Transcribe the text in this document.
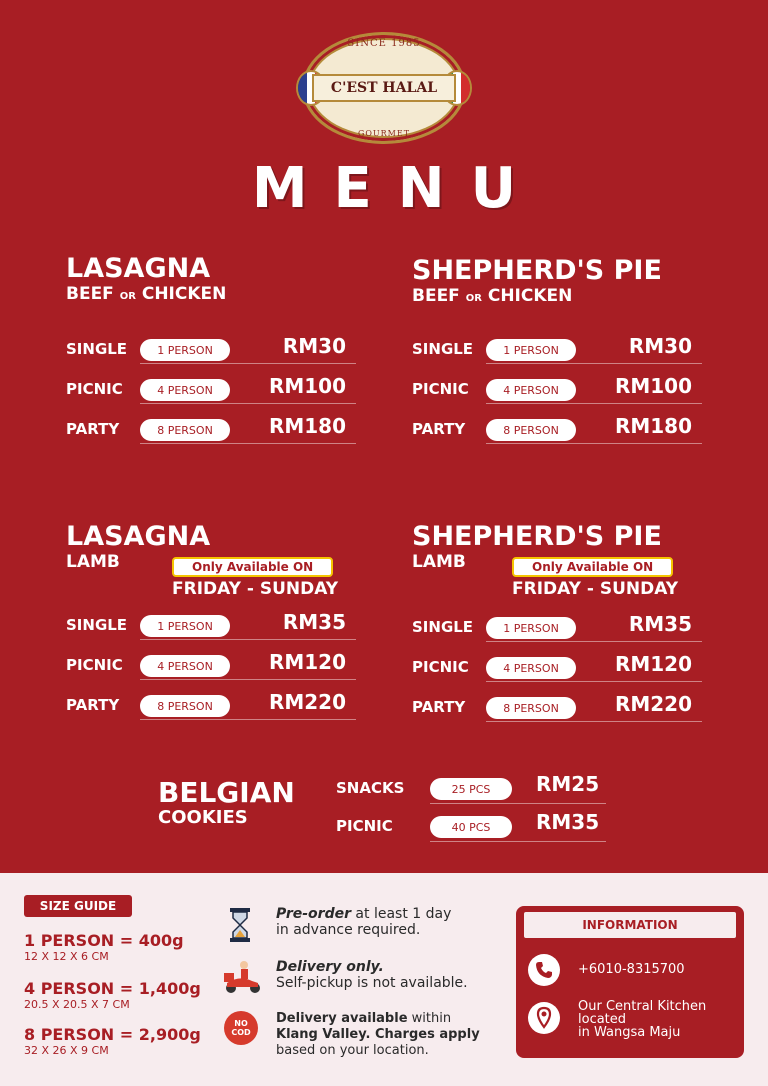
SINCE 1985
C'EST HALAL
GOURMET
MENU
LASAGNA
BEEF OR CHICKEN
SINGLE	1 PERSON	RM30
PICNIC	4 PERSON	RM100
PARTY	8 PERSON	RM180
SHEPHERD'S PIE
BEEF OR CHICKEN
SINGLE	1 PERSON	RM30
PICNIC	4 PERSON	RM100
PARTY	8 PERSON	RM180
LASAGNA
LAMB	Only Available ON
FRIDAY - SUNDAY
SINGLE	1 PERSON	RM35
PICNIC	4 PERSON	RM120
PARTY	8 PERSON	RM220
SHEPHERD'S PIE
LAMB	Only Available ON
FRIDAY - SUNDAY
SINGLE	1 PERSON	RM35
PICNIC	4 PERSON	RM120
PARTY	8 PERSON	RM220
BELGIAN
COOKIES
SNACKS	25 PCS	RM25
PICNIC	40 PCS	RM35
SIZE GUIDE
1 PERSON = 400g
12 X 12 X 6 CM
4 PERSON = 1,400g
20.5 X 20.5 X 7 CM
8 PERSON = 2,900g
32 X 26 X 9 CM
Pre-order at least 1 day
in advance required.
Delivery only.
Self-pickup is not available.
NO
COD
Delivery available within
Klang Valley. Charges apply
based on your location.
INFORMATION
+6010-8315700
Our Central Kitchen
located
in Wangsa Maju
